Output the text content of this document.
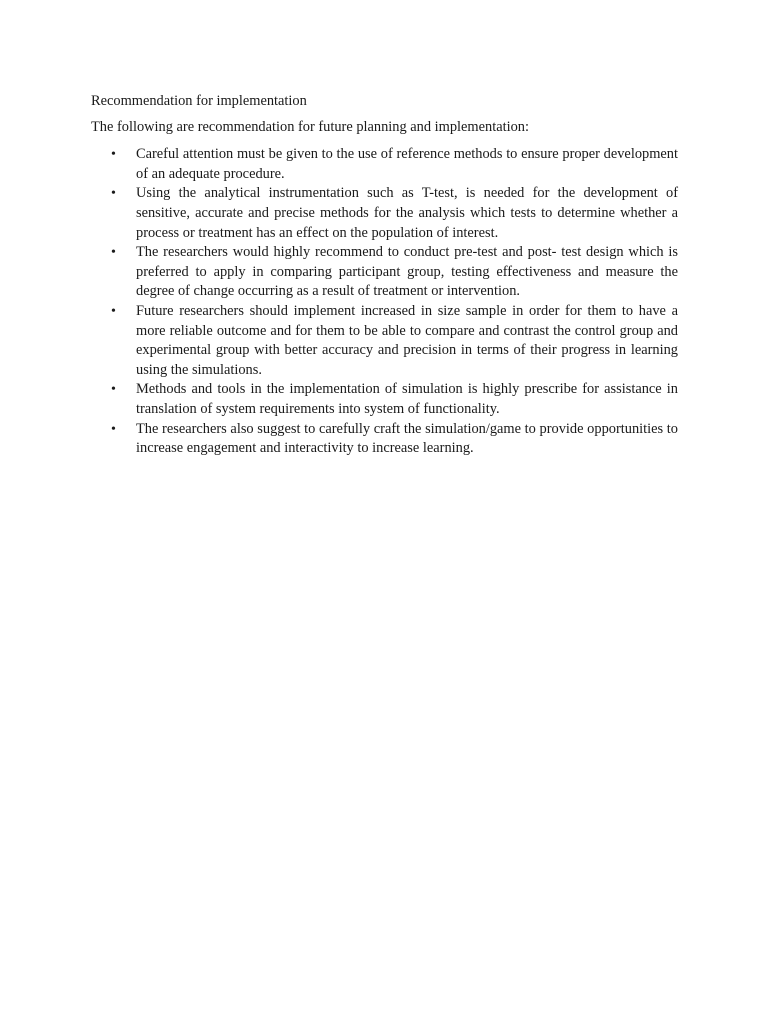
Recommendation for implementation

The following are recommendation for future planning and implementation:

• Careful attention must be given to the use of reference methods to ensure proper development of an adequate procedure.
• Using the analytical instrumentation such as T-test, is needed for the development of sensitive, accurate and precise methods for the analysis which tests to determine whether a process or treatment has an effect on the population of interest.
• The researchers would highly recommend to conduct pre-test and post- test design which is preferred to apply in comparing participant group, testing effectiveness and measure the degree of change occurring as a result of treatment or intervention.
• Future researchers should implement increased in size sample in order for them to have a more reliable outcome and for them to be able to compare and contrast the control group and experimental group with better accuracy and precision in terms of their progress in learning using the simulations.
• Methods and tools in the implementation of simulation is highly prescribe for assistance in translation of system requirements into system of functionality.
• The researchers also suggest to carefully craft the simulation/game to provide opportunities to increase engagement and interactivity to increase learning.
